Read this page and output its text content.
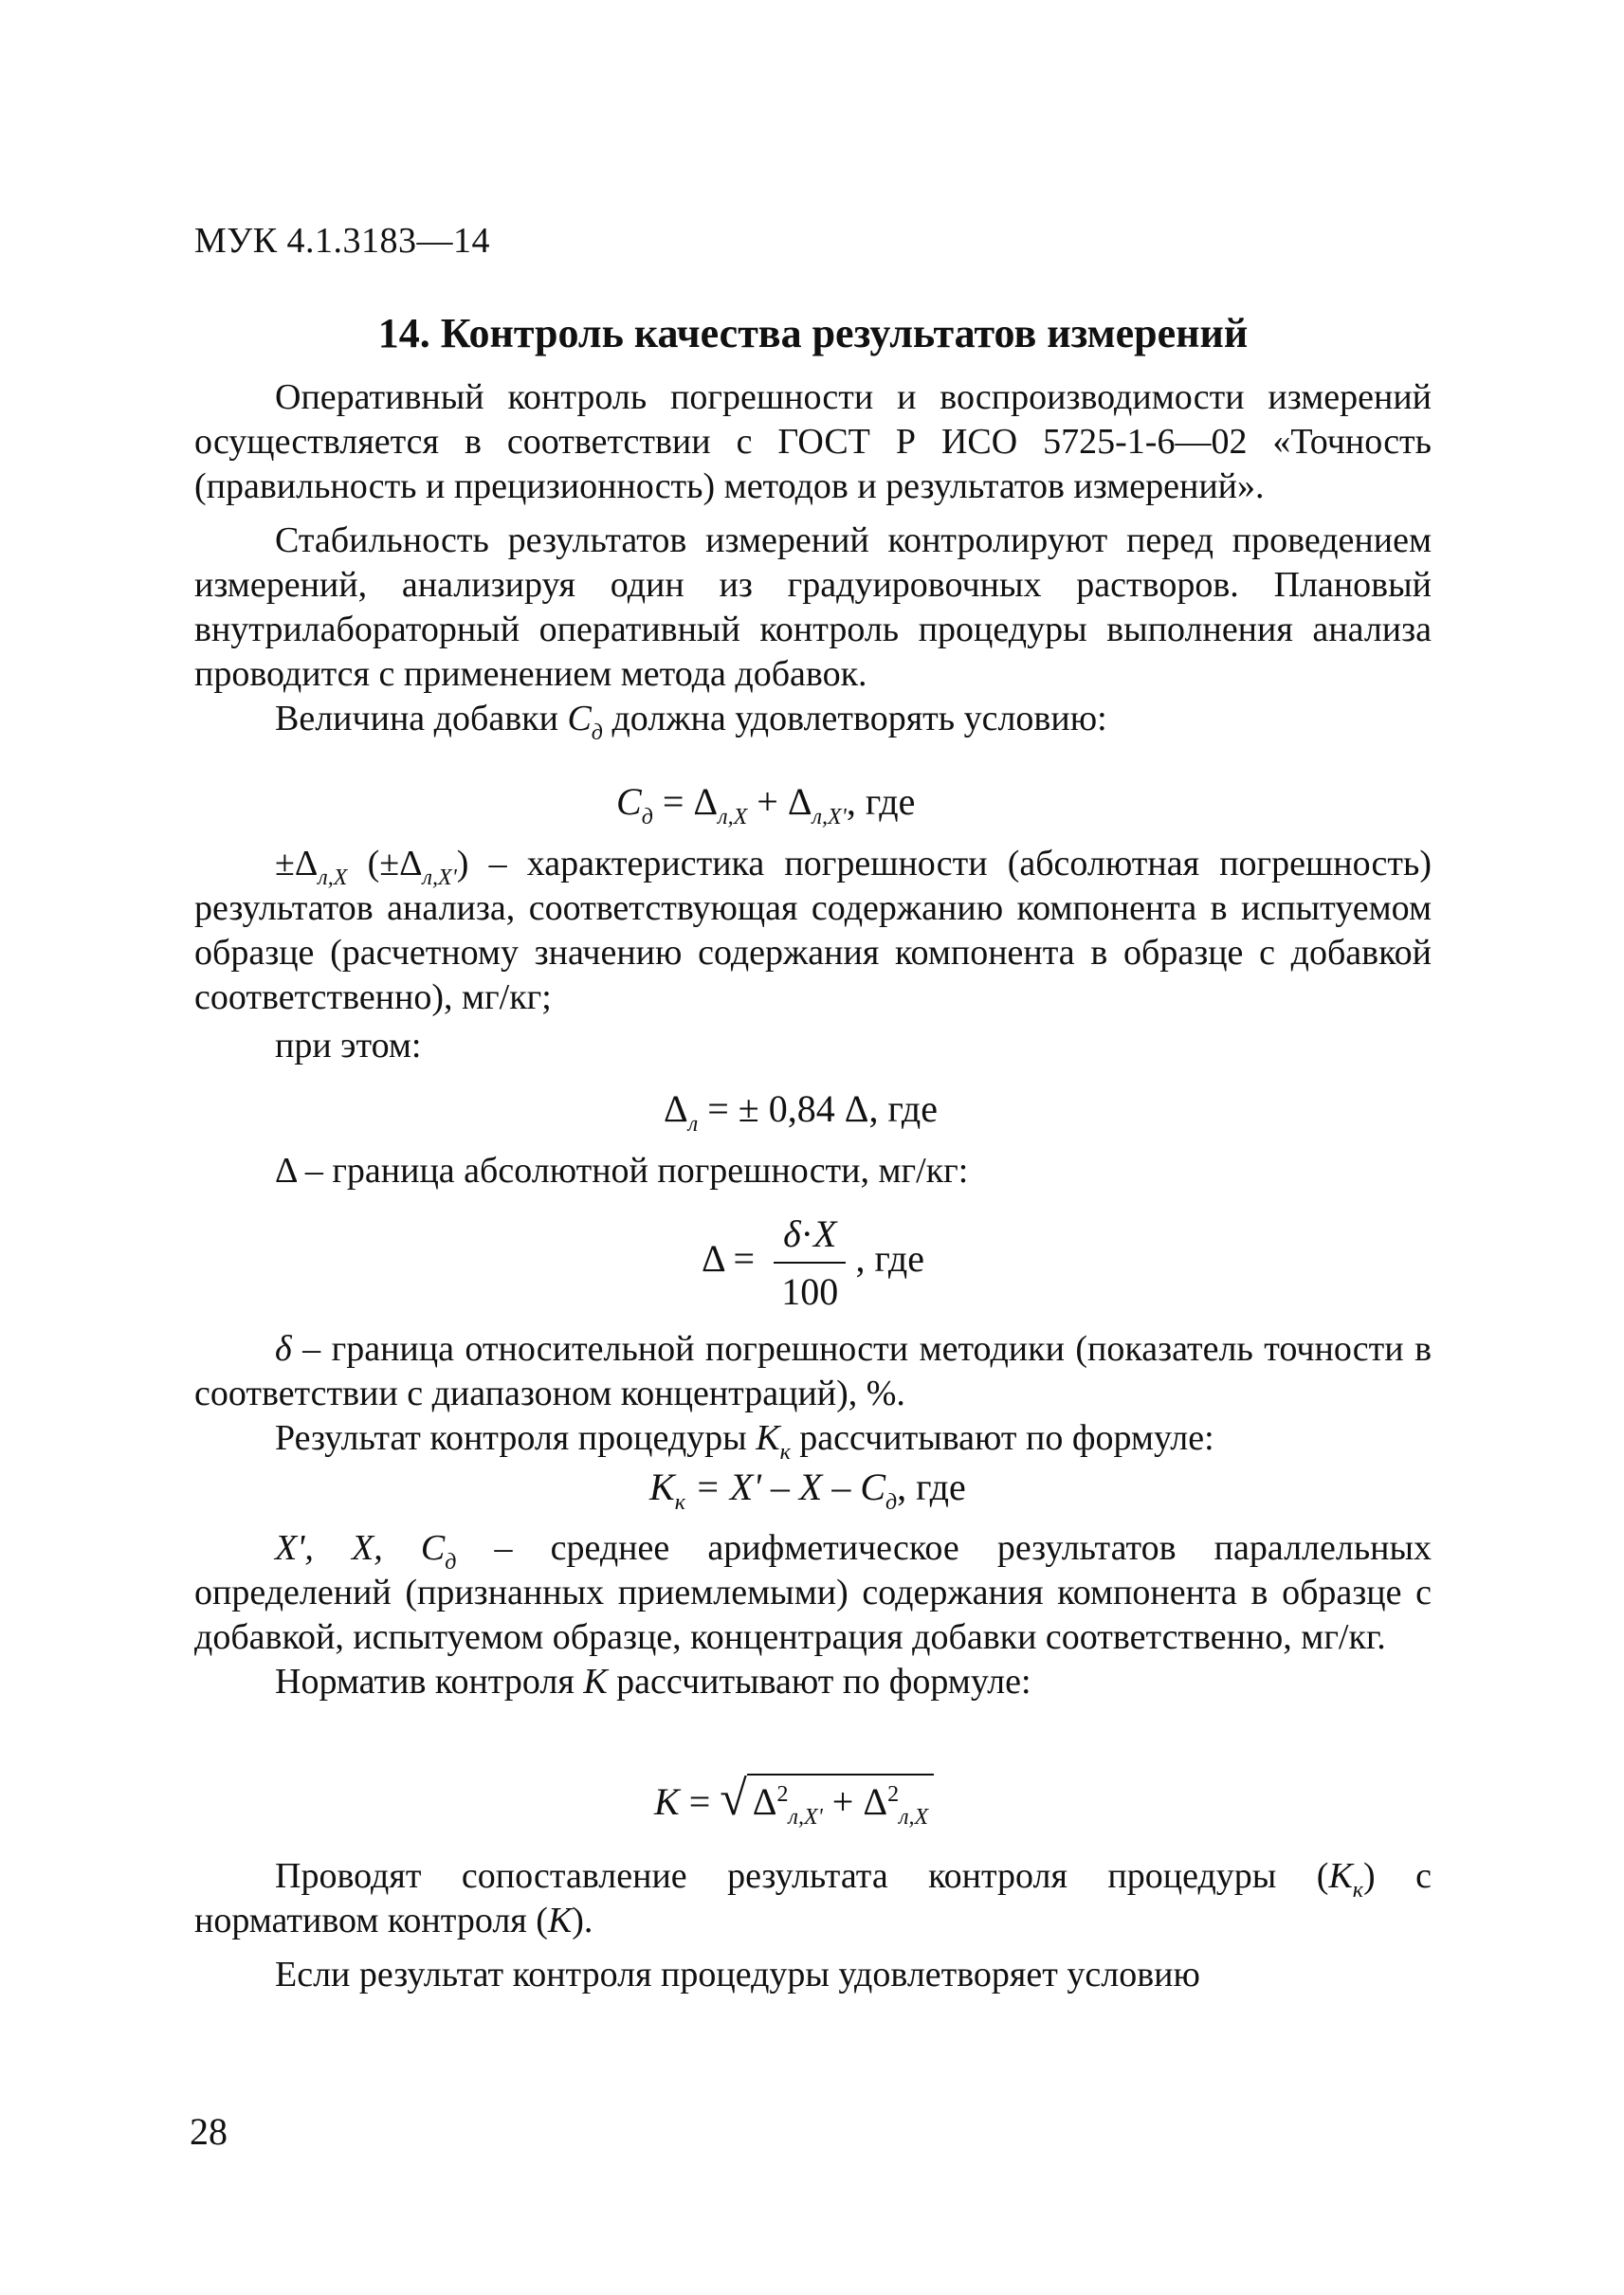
МУК 4.1.3183—14
14. Контроль качества результатов измерений

Оперативный контроль погрешности и воспроизводимости измерений осуществляется в соответствии с ГОСТ Р ИСО 5725-1-6—02 «Точность (правильность и прецизионность) методов и результатов измерений».

Стабильность результатов измерений контролируют перед проведением измерений, анализируя один из градуировочных растворов. Плановый внутрилабораторный оперативный контроль процедуры выполнения анализа проводится с применением метода добавок.

Величина добавки $C_д$ должна удовлетворять условию:

$C_д = \Delta_{л,X} + \Delta_{л,X'}$, где

$\pm\Delta_{л,X}$ $(\pm\Delta_{л,X'})$ – характеристика погрешности (абсолютная погрешность) результатов анализа, соответствующая содержанию компонента в испытуемом образце (расчетному значению содержания компонента в образце с добавкой соответственно), мг/кг;

при этом:

$\Delta_л$ = ± 0,84 Δ, где

Δ – граница абсолютной погрешности, мг/кг:

$\Delta = \frac{\delta\cdot X}{100}$ , где

δ – граница относительной погрешности методики (показатель точности в соответствии с диапазоном концентраций), %.

Результат контроля процедуры $K_к$ рассчитывают по формуле:

$K_к = X' - X - C_д$, где

X', X, $C_д$ – среднее арифметическое результатов параллельных определений (признанных приемлемыми) содержания компонента в образце с добавкой, испытуемом образце, концентрация добавки соответственно, мг/кг.

Норматив контроля K рассчитывают по формуле:

K = √ $\Delta^2_{л,X'} + \Delta^2_{л,X}$

Проводят сопоставление результата контроля процедуры $(K_к)$ с нормативом контроля (K).

Если результат контроля процедуры удовлетворяет условию

28
